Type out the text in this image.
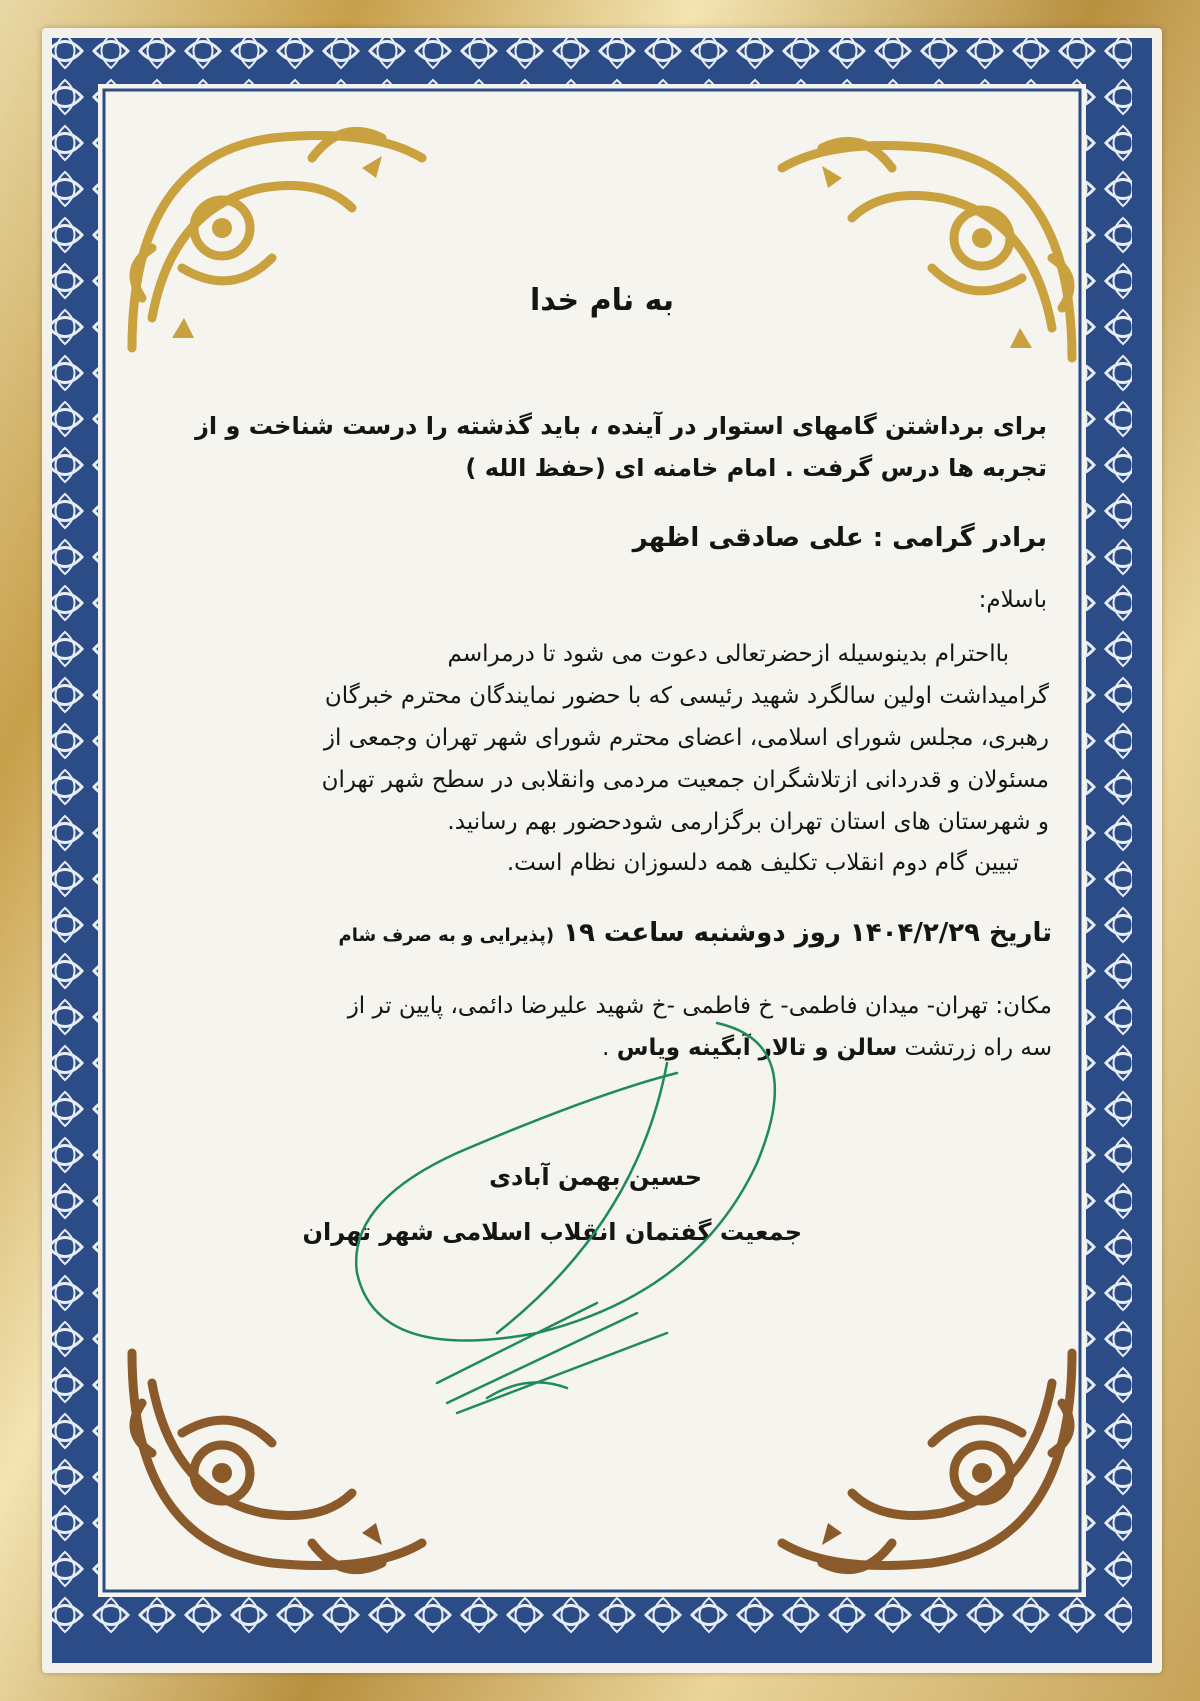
به نام خدا
برای برداشتن گامهای استوار در آینده ، باید گذشته را درست شناخت و از
تجربه ها درس گرفت . امام خامنه ای (حفظ الله )
برادر گرامی : علی صادقی اظهر
باسلام:
بااحترام بدینوسیله ازحضرتعالی دعوت می شود تا درمراسم
گرامیداشت اولین سالگرد شهید رئیسی که با حضور نمایندگان محترم خبرگان
رهبری، مجلس شورای اسلامی، اعضای محترم شورای شهر تهران وجمعی از
مسئولان و قدردانی ازتلاشگران جمعیت مردمی وانقلابی در سطح شهر تهران
و شهرستان های استان تهران برگزارمی شودحضور بهم رسانید.
تبیین گام دوم انقلاب تکلیف همه دلسوزان نظام است.
تاریخ ۱۴۰۴/۲/۲۹ روز دوشنبه ساعت ۱۹ (پذیرایی و به صرف شام
مکان: تهران- میدان فاطمی- خ فاطمی -خ شهید علیرضا دائمی، پایین تر از
سه راه زرتشت سالن و تالار آبگینه ویاس .
حسین بهمن آبادی
جمعیت گفتمان انقلاب اسلامی شهر تهران
